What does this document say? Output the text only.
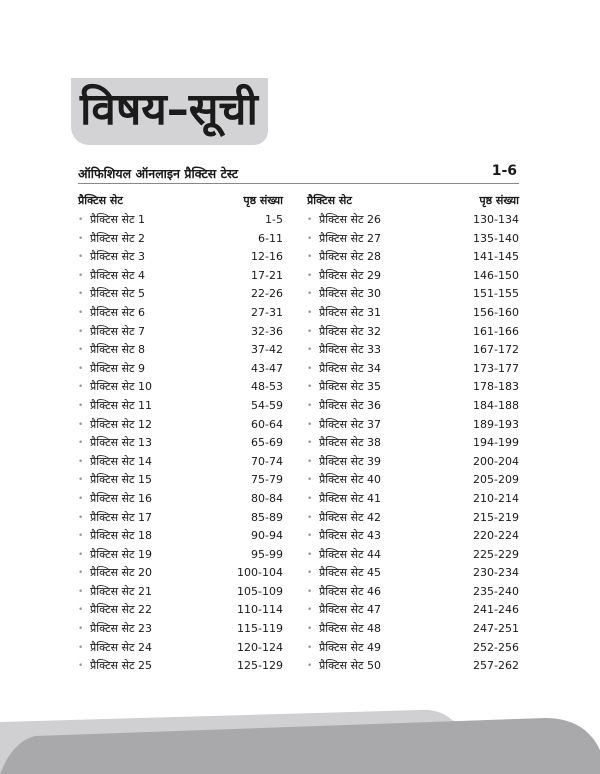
विषय–सूची
ऑफिशियल ऑनलाइन प्रैक्टिस टेस्ट	1-6
प्रैक्टिस सेट	पृष्ठ संख्या
• प्रैक्टिस सेट 1	1-5
• प्रैक्टिस सेट 2	6-11
• प्रैक्टिस सेट 3	12-16
• प्रैक्टिस सेट 4	17-21
• प्रैक्टिस सेट 5	22-26
• प्रैक्टिस सेट 6	27-31
• प्रैक्टिस सेट 7	32-36
• प्रैक्टिस सेट 8	37-42
• प्रैक्टिस सेट 9	43-47
• प्रैक्टिस सेट 10	48-53
• प्रैक्टिस सेट 11	54-59
• प्रैक्टिस सेट 12	60-64
• प्रैक्टिस सेट 13	65-69
• प्रैक्टिस सेट 14	70-74
• प्रैक्टिस सेट 15	75-79
• प्रैक्टिस सेट 16	80-84
• प्रैक्टिस सेट 17	85-89
• प्रैक्टिस सेट 18	90-94
• प्रैक्टिस सेट 19	95-99
• प्रैक्टिस सेट 20	100-104
• प्रैक्टिस सेट 21	105-109
• प्रैक्टिस सेट 22	110-114
• प्रैक्टिस सेट 23	115-119
• प्रैक्टिस सेट 24	120-124
• प्रैक्टिस सेट 25	125-129
प्रैक्टिस सेट	पृष्ठ संख्या
• प्रैक्टिस सेट 26	130-134
• प्रैक्टिस सेट 27	135-140
• प्रैक्टिस सेट 28	141-145
• प्रैक्टिस सेट 29	146-150
• प्रैक्टिस सेट 30	151-155
• प्रैक्टिस सेट 31	156-160
• प्रैक्टिस सेट 32	161-166
• प्रैक्टिस सेट 33	167-172
• प्रैक्टिस सेट 34	173-177
• प्रैक्टिस सेट 35	178-183
• प्रैक्टिस सेट 36	184-188
• प्रैक्टिस सेट 37	189-193
• प्रैक्टिस सेट 38	194-199
• प्रैक्टिस सेट 39	200-204
• प्रैक्टिस सेट 40	205-209
• प्रैक्टिस सेट 41	210-214
• प्रैक्टिस सेट 42	215-219
• प्रैक्टिस सेट 43	220-224
• प्रैक्टिस सेट 44	225-229
• प्रैक्टिस सेट 45	230-234
• प्रैक्टिस सेट 46	235-240
• प्रैक्टिस सेट 47	241-246
• प्रैक्टिस सेट 48	247-251
• प्रैक्टिस सेट 49	252-256
• प्रैक्टिस सेट 50	257-262
